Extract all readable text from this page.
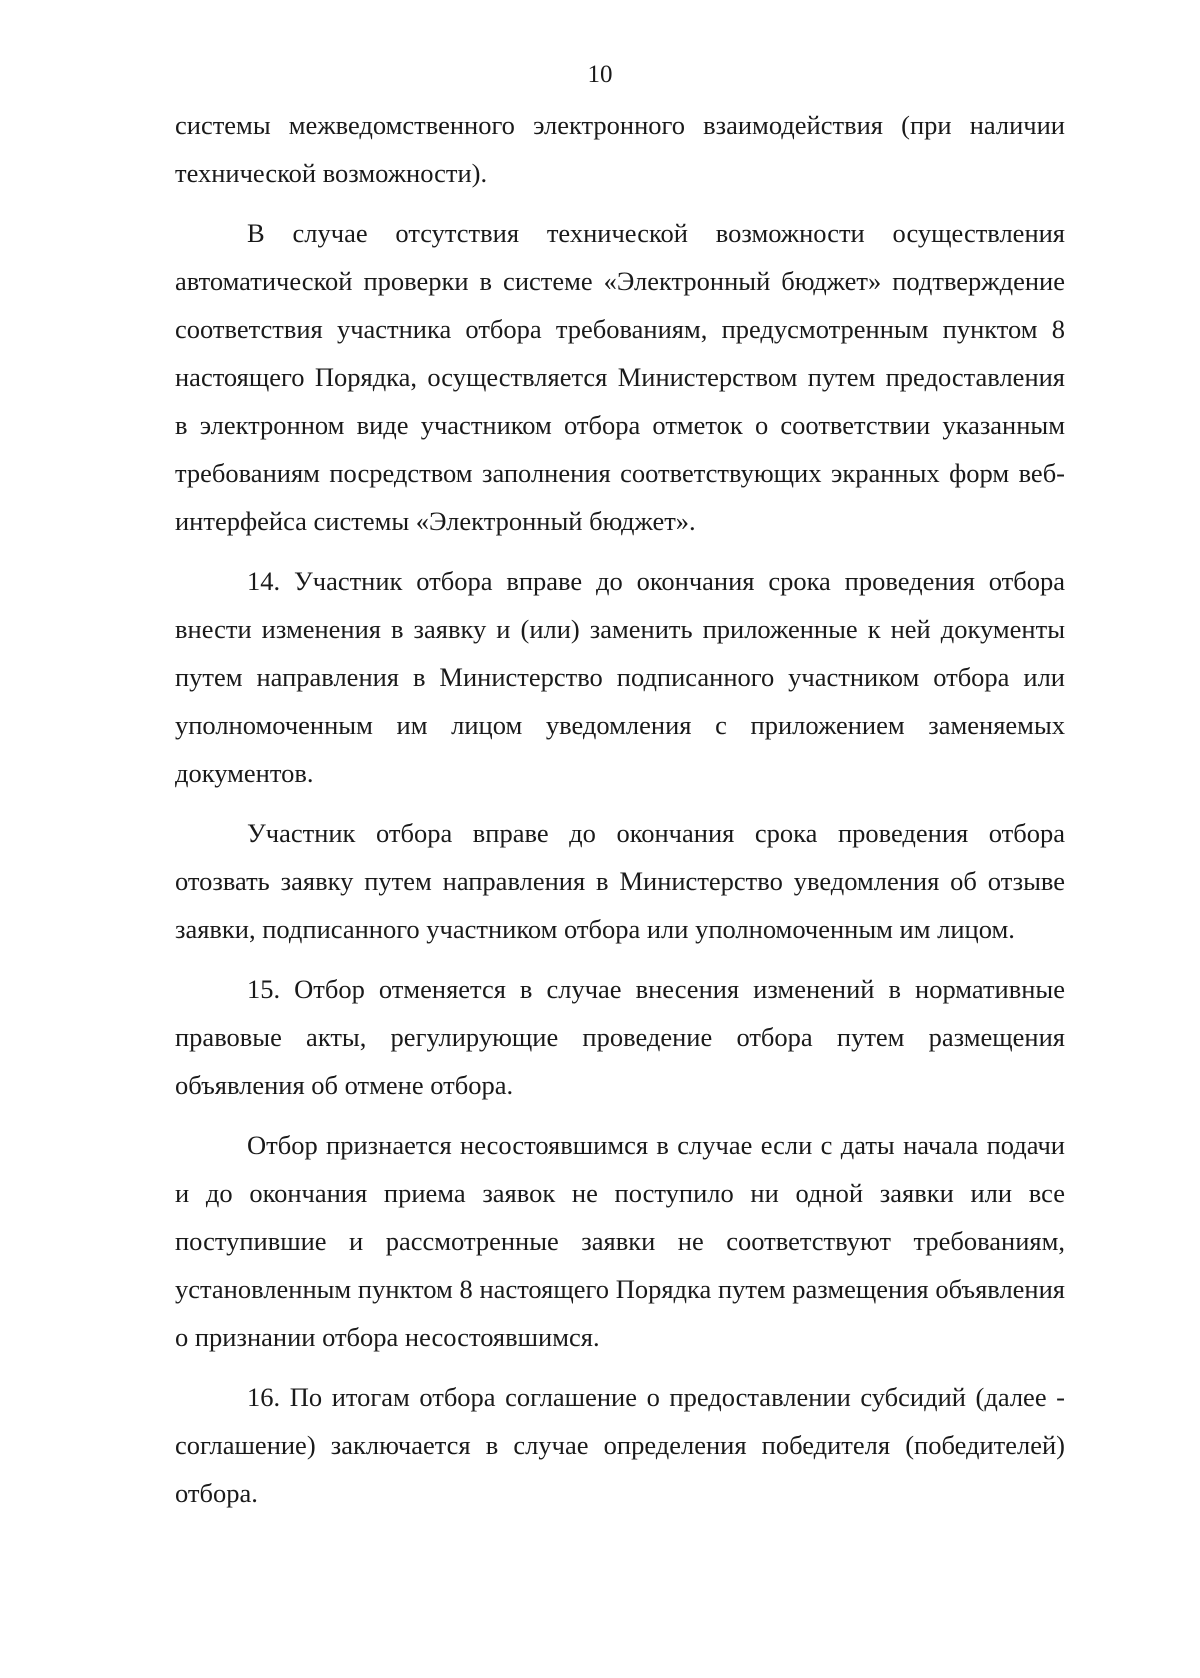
10

системы межведомственного электронного взаимодействия (при наличии технической возможности).

В случае отсутствия технической возможности осуществления автоматической проверки в системе «Электронный бюджет» подтверждение соответствия участника отбора требованиям, предусмотренным пунктом 8 настоящего Порядка, осуществляется Министерством путем предоставления в электронном виде участником отбора отметок о соответствии указанным требованиям посредством заполнения соответствующих экранных форм веб-интерфейса системы «Электронный бюджет».

14. Участник отбора вправе до окончания срока проведения отбора внести изменения в заявку и (или) заменить приложенные к ней документы путем направления в Министерство подписанного участником отбора или уполномоченным им лицом уведомления с приложением заменяемых документов.

Участник отбора вправе до окончания срока проведения отбора отозвать заявку путем направления в Министерство уведомления об отзыве заявки, подписанного участником отбора или уполномоченным им лицом.

15. Отбор отменяется в случае внесения изменений в нормативные правовые акты, регулирующие проведение отбора путем размещения объявления об отмене отбора.

Отбор признается несостоявшимся в случае если с даты начала подачи и до окончания приема заявок не поступило ни одной заявки или все поступившие и рассмотренные заявки не соответствуют требованиям, установленным пунктом 8 настоящего Порядка путем размещения объявления о признании отбора несостоявшимся.

16. По итогам отбора соглашение о предоставлении субсидий (далее - соглашение) заключается в случае определения победителя (победителей) отбора.
